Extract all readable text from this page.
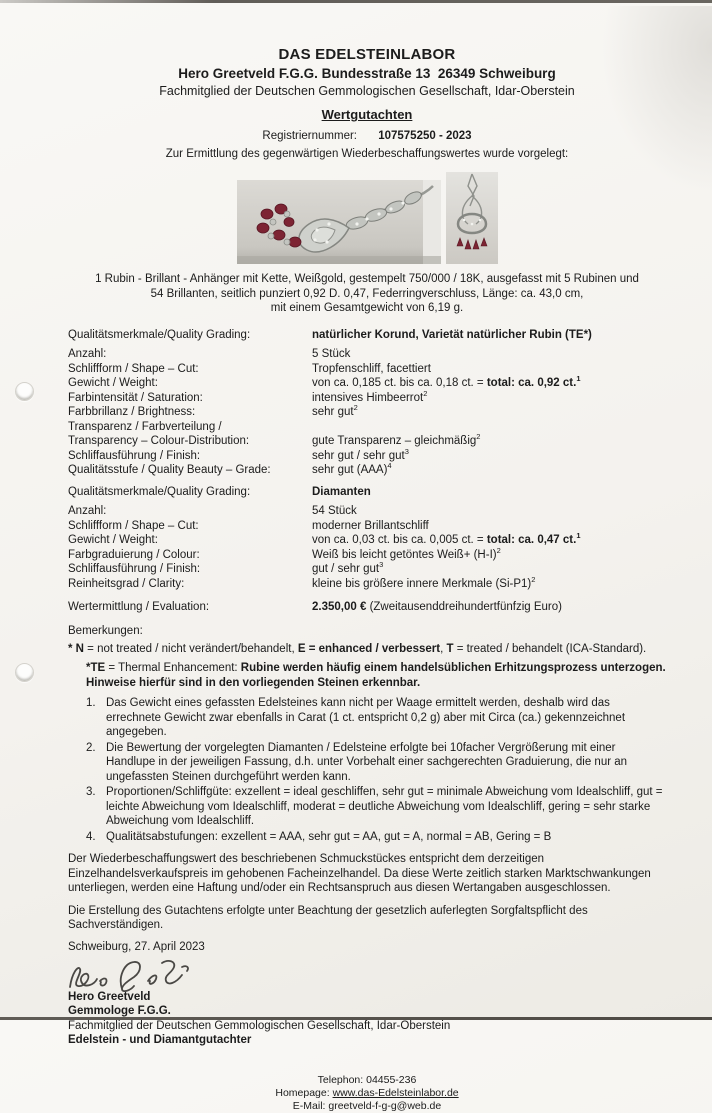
DAS EDELSTEINLABOR
Hero Greetveld F.G.G. Bundesstraße 13  26349 Schweiburg
Fachmitglied der Deutschen Gemmologischen Gesellschaft, Idar-Oberstein
Wertgutachten
Registriernummer: 107575250 - 2023
Zur Ermittlung des gegenwärtigen Wiederbeschaffungswertes wurde vorgelegt:
1 Rubin - Brillant - Anhänger mit Kette, Weißgold, gestempelt 750/000 / 18K, ausgefasst mit 5 Rubinen und
54 Brillanten, seitlich punziert 0,92 D. 0,47, Federringverschluss, Länge: ca. 43,0 cm,
mit einem Gesamtgewicht von 6,19 g.
Qualitätsmerkmale/Quality Grading:	natürlicher Korund, Varietät natürlicher Rubin (TE*)
Anzahl:	5 Stück
Schliffform / Shape – Cut:	Tropfenschliff, facettiert
Gewicht / Weight:	von ca. 0,185 ct. bis ca. 0,18 ct. = total: ca. 0,92 ct.$^1$
Farbintensität / Saturation:	intensives Himbeerrot$^2$
Farbbrillanz / Brightness:	sehr gut$^2$
Transparenz / Farbverteilung /
Transparency – Colour-Distribution:	gute Transparenz – gleichmäßig$^2$
Schliffausführung / Finish:	sehr gut / sehr gut$^3$
Qualitätsstufe / Quality Beauty – Grade:	sehr gut (AAA)$^4$
Qualitätsmerkmale/Quality Grading:	Diamanten
Anzahl:	54 Stück
Schliffform / Shape – Cut:	moderner Brillantschliff
Gewicht / Weight:	von ca. 0,03 ct. bis ca. 0,005 ct. = total: ca. 0,47 ct.$^1$
Farbgraduierung / Colour:	Weiß bis leicht getöntes Weiß+ $(H-I)^2$
Schliffausführung / Finish:	gut / sehr gut$^3$
Reinheitsgrad / Clarity:	kleine bis größere innere Merkmale $(Si-P1)^2$
Wertermittlung / Evaluation:	2.350,00 € (Zweitausenddreihundertfünfzig Euro)
Bemerkungen:
* N = not treated / nicht verändert/behandelt, E = enhanced / verbessert, T = treated / behandelt (ICA-Standard).
*TE = Thermal Enhancement: Rubine werden häufig einem handelsüblichen Erhitzungsprozess unterzogen. Hinweise hierfür sind in den vorliegenden Steinen erkennbar.
1. Das Gewicht eines gefassten Edelsteines kann nicht per Waage ermittelt werden, deshalb wird das errechnete Gewicht zwar ebenfalls in Carat (1 ct. entspricht 0,2 g) aber mit Circa (ca.) gekennzeichnet angegeben.
2. Die Bewertung der vorgelegten Diamanten / Edelsteine erfolgte bei 10facher Vergrößerung mit einer Handlupe in der jeweiligen Fassung, d.h. unter Vorbehalt einer sachgerechten Graduierung, die nur an ungefassten Steinen durchgeführt werden kann.
3. Proportionen/Schliffgüte: exzellent = ideal geschliffen, sehr gut = minimale Abweichung vom Idealschliff, gut = leichte Abweichung vom Idealschliff, moderat = deutliche Abweichung vom Idealschliff, gering = sehr starke Abweichung vom Idealschliff.
4. Qualitätsabstufungen: exzellent = AAA, sehr gut = AA, gut = A, normal = AB, Gering = B
Der Wiederbeschaffungswert des beschriebenen Schmuckstückes entspricht dem derzeitigen Einzelhandelsverkaufspreis im gehobenen Facheinzelhandel. Da diese Werte zeitlich starken Marktschwankungen unterliegen, werden eine Haftung und/oder ein Rechtsanspruch aus diesen Wertangaben ausgeschlossen.
Die Erstellung des Gutachtens erfolgte unter Beachtung der gesetzlich auferlegten Sorgfaltspflicht des Sachverständigen.
Schweiburg, 27. April 2023
Hero Greetveld
Gemmologe F.G.G.
Fachmitglied der Deutschen Gemmologischen Gesellschaft, Idar-Oberstein
Edelstein - und Diamantgutachter
Telephon: 04455-236
Homepage: www.das-Edelsteinlabor.de
E-Mail: greetveld-f-g-g@web.de
